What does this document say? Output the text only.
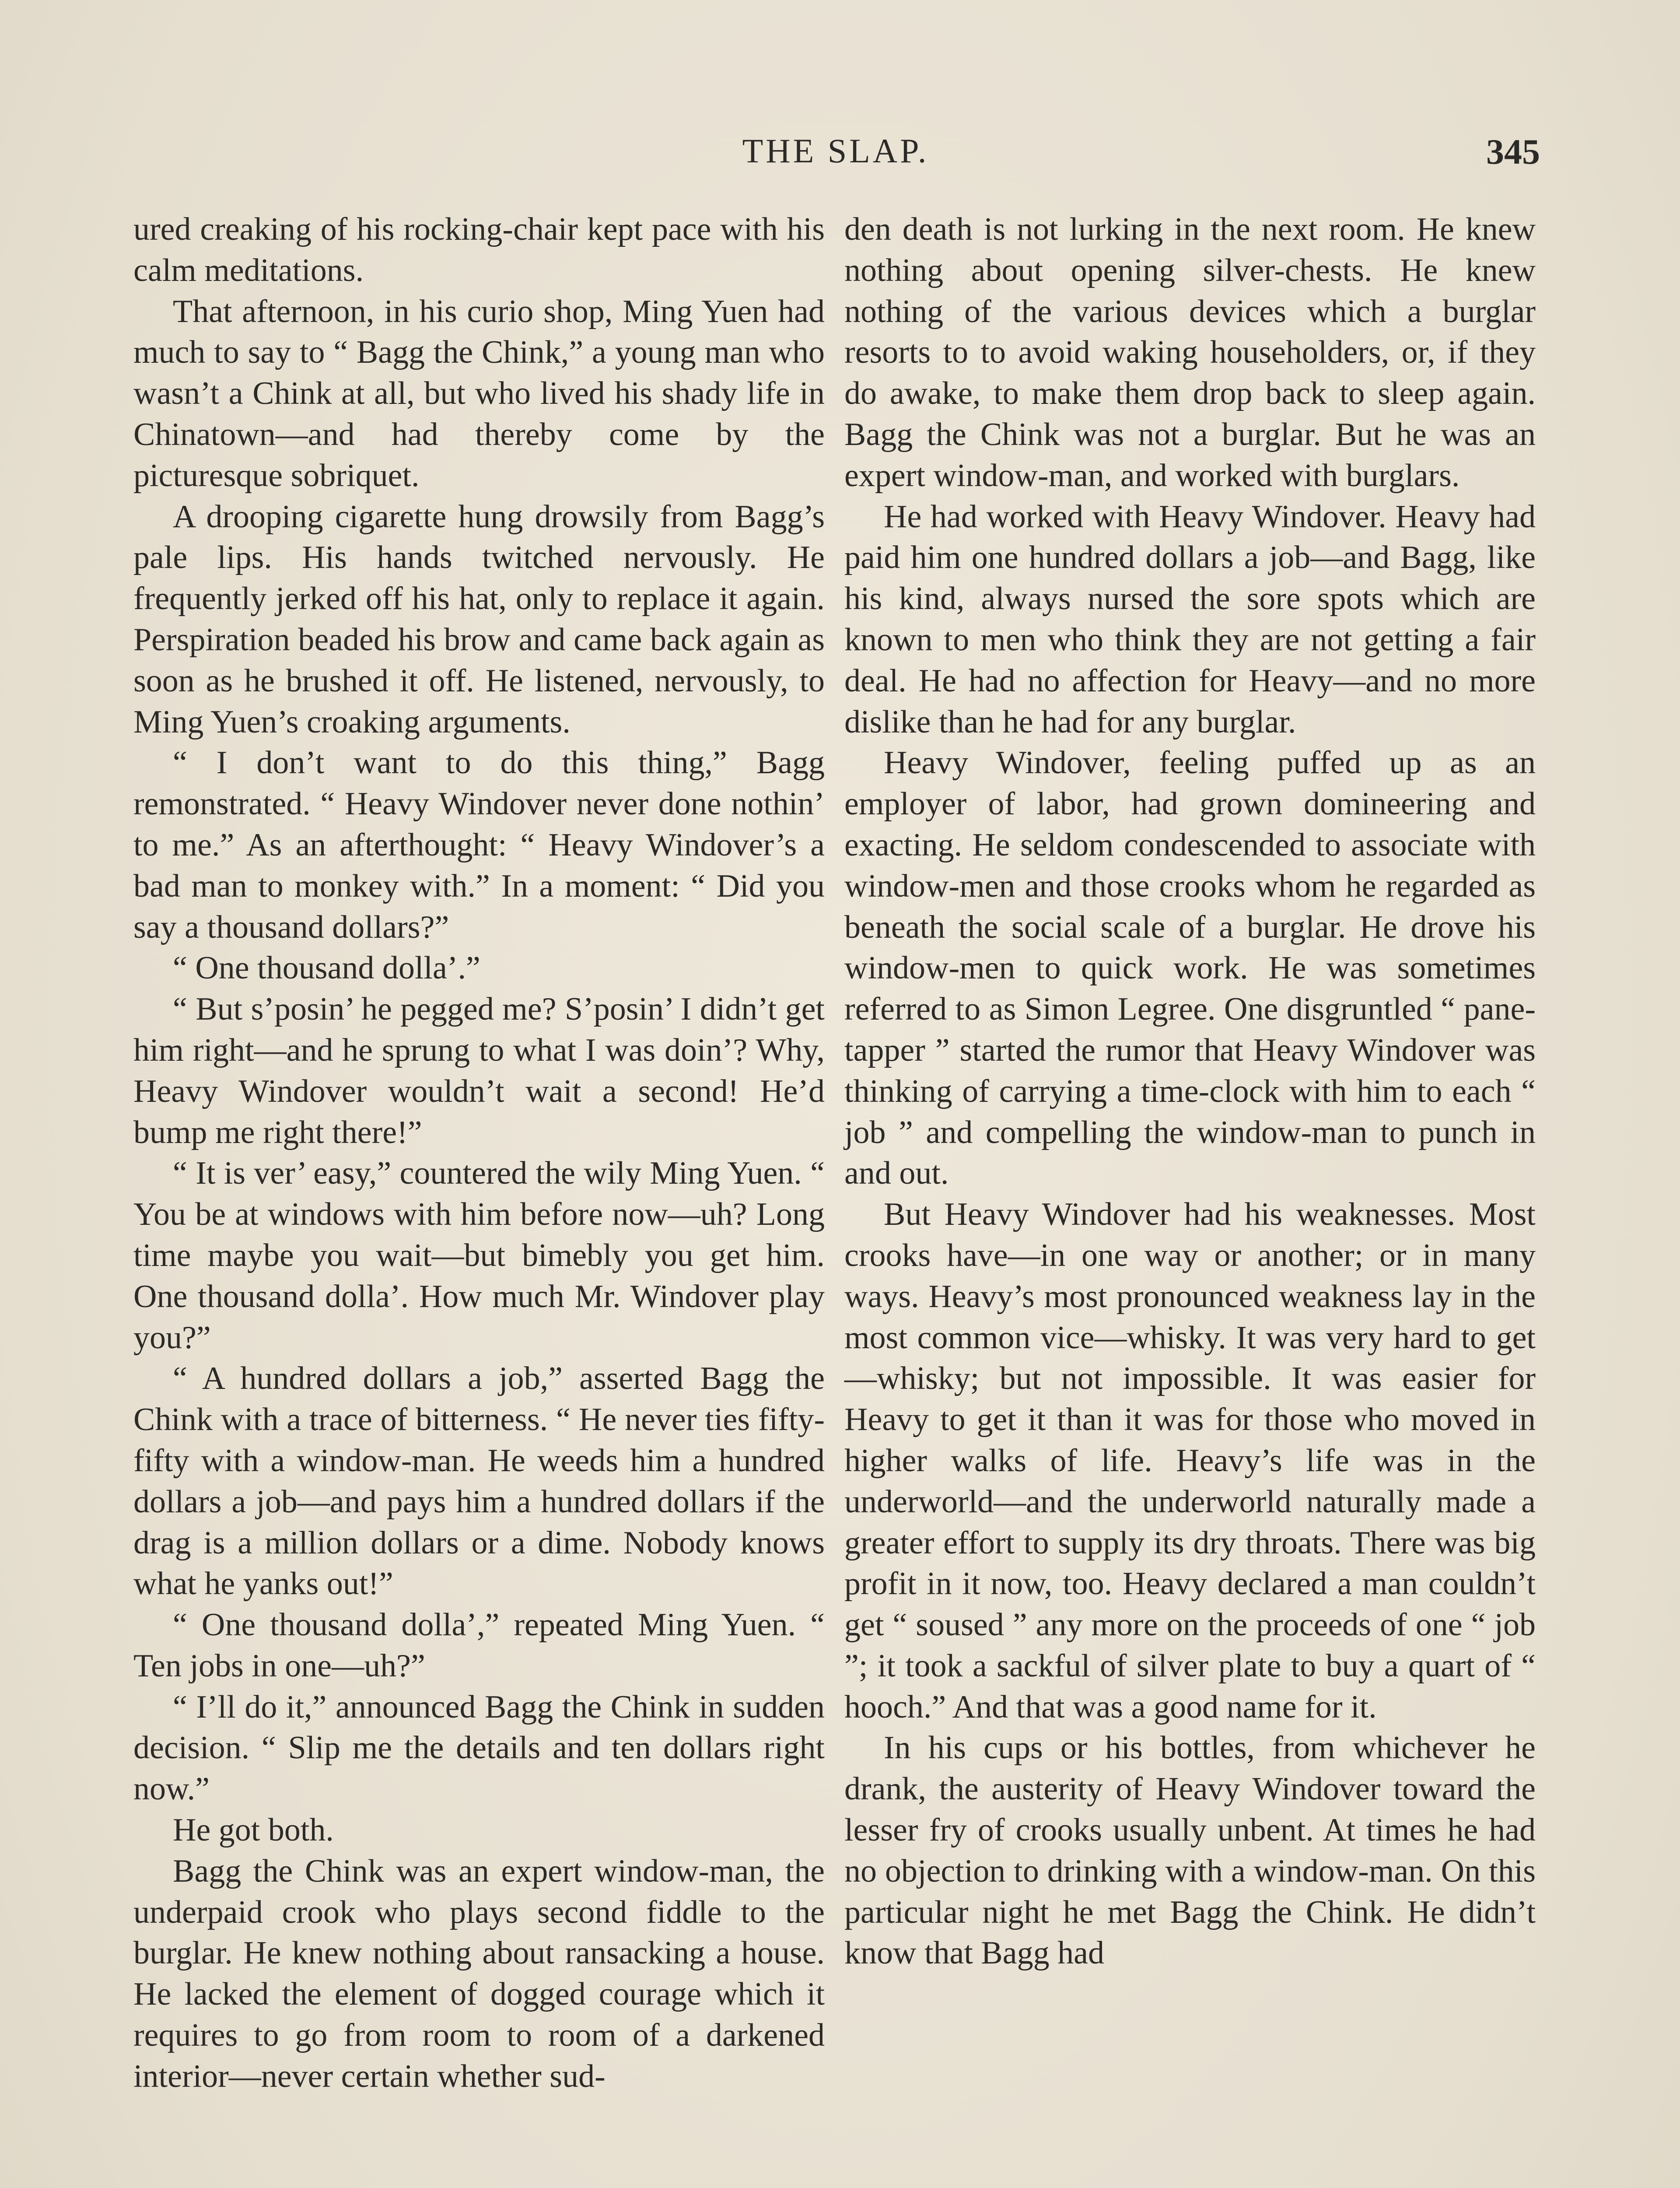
THE SLAP.	345

ured creaking of his rocking-chair kept pace with his calm meditations.

That afternoon, in his curio shop, Ming Yuen had much to say to “ Bagg the Chink,” a young man who wasn’t a Chink at all, but who lived his shady life in Chinatown—and had thereby come by the picturesque sobriquet.

A drooping cigarette hung drowsily from Bagg’s pale lips. His hands twitched nervously. He frequently jerked off his hat, only to replace it again. Perspiration beaded his brow and came back again as soon as he brushed it off. He listened, nervously, to Ming Yuen’s croaking arguments.

“ I don’t want to do this thing,” Bagg remonstrated. “ Heavy Windover never done nothin’ to me.” As an afterthought: “ Heavy Windover’s a bad man to monkey with.” In a moment: “ Did you say a thousand dollars?”

“ One thousand dolla’.”

“ But s’posin’ he pegged me? S’posin’ I didn’t get him right—and he sprung to what I was doin’? Why, Heavy Windover wouldn’t wait a second! He’d bump me right there!”

“ It is ver’ easy,” countered the wily Ming Yuen. “ You be at windows with him before now—uh? Long time maybe you wait—but bimebly you get him. One thousand dolla’. How much Mr. Windover play you?”

“ A hundred dollars a job,” asserted Bagg the Chink with a trace of bitterness. “ He never ties fifty-fifty with a window-man. He weeds him a hundred dollars a job—and pays him a hundred dollars if the drag is a million dollars or a dime. Nobody knows what he yanks out!”

“ One thousand dolla’,” repeated Ming Yuen. “ Ten jobs in one—uh?”

“ I’ll do it,” announced Bagg the Chink in sudden decision. “ Slip me the details and ten dollars right now.”

He got both.

Bagg the Chink was an expert window-man, the underpaid crook who plays second fiddle to the burglar. He knew nothing about ransacking a house. He lacked the element of dogged courage which it requires to go from room to room of a darkened interior—never certain whether sud-

den death is not lurking in the next room. He knew nothing about opening silver-chests. He knew nothing of the various devices which a burglar resorts to to avoid waking householders, or, if they do awake, to make them drop back to sleep again. Bagg the Chink was not a burglar. But he was an expert window-man, and worked with burglars.

He had worked with Heavy Windover. Heavy had paid him one hundred dollars a job—and Bagg, like his kind, always nursed the sore spots which are known to men who think they are not getting a fair deal. He had no affection for Heavy—and no more dislike than he had for any burglar.

Heavy Windover, feeling puffed up as an employer of labor, had grown domineering and exacting. He seldom condescended to associate with window-men and those crooks whom he regarded as beneath the social scale of a burglar. He drove his window-men to quick work. He was sometimes referred to as Simon Legree. One disgruntled “ pane-tapper ” started the rumor that Heavy Windover was thinking of carrying a time-clock with him to each “ job ” and compelling the window-man to punch in and out.

But Heavy Windover had his weaknesses. Most crooks have—in one way or another; or in many ways. Heavy’s most pronounced weakness lay in the most common vice—whisky. It was very hard to get—whisky; but not impossible. It was easier for Heavy to get it than it was for those who moved in higher walks of life. Heavy’s life was in the underworld—and the underworld naturally made a greater effort to supply its dry throats. There was big profit in it now, too. Heavy declared a man couldn’t get “ soused ” any more on the proceeds of one “ job ”; it took a sackful of silver plate to buy a quart of “ hooch.” And that was a good name for it.

In his cups or his bottles, from whichever he drank, the austerity of Heavy Windover toward the lesser fry of crooks usually unbent. At times he had no objection to drinking with a window-man. On this particular night he met Bagg the Chink. He didn’t know that Bagg had
